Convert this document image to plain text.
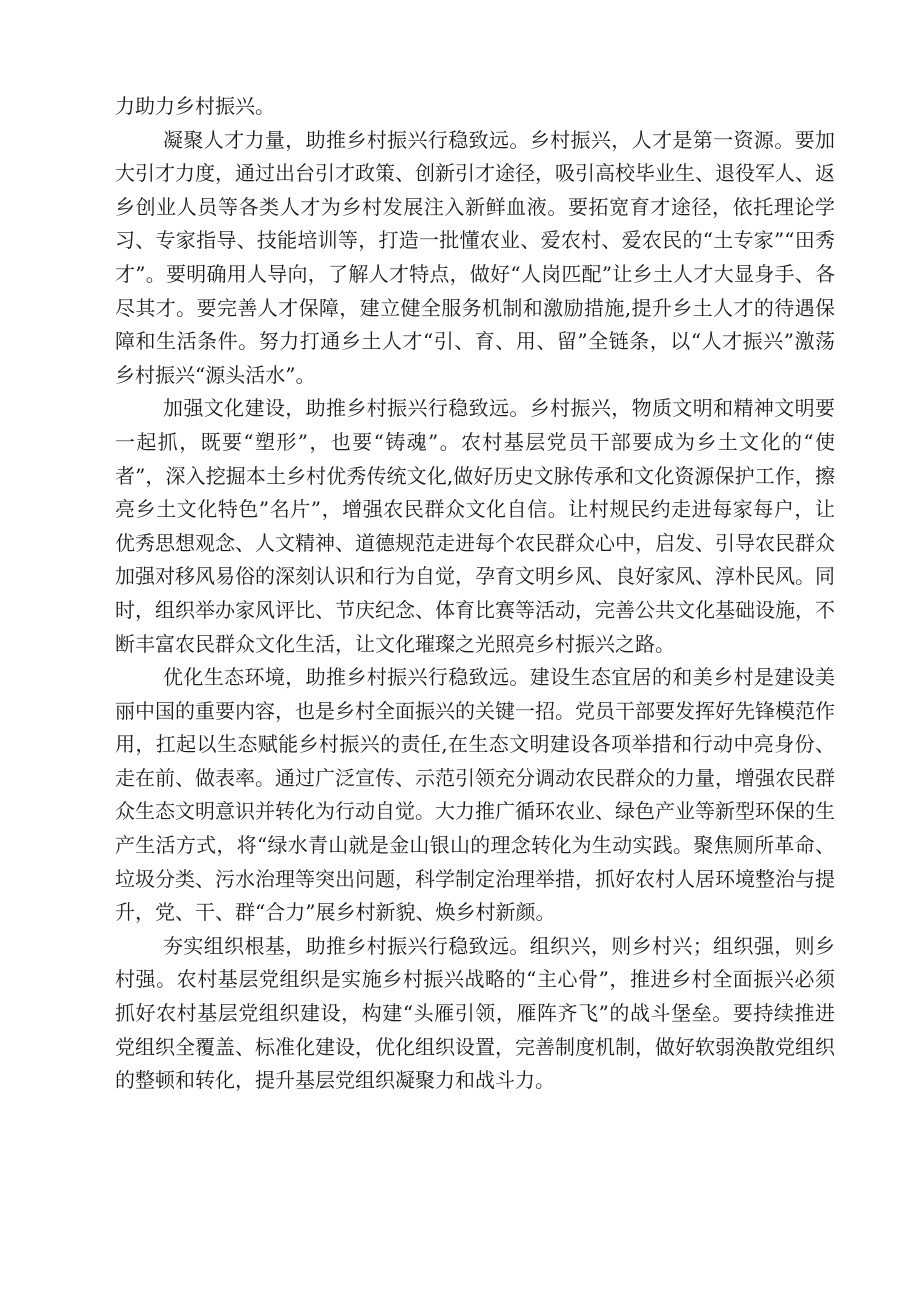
力助力乡村振兴。

凝聚人才力量，助推乡村振兴行稳致远。乡村振兴，人才是第一资源。要加大引才力度，通过出台引才政策、创新引才途径，吸引高校毕业生、退役军人、返乡创业人员等各类人才为乡村发展注入新鲜血液。要拓宽育才途径，依托理论学习、专家指导、技能培训等，打造一批懂农业、爱农村、爱农民的“土专家”“田秀才”。要明确用人导向，了解人才特点，做好“人岗匹配”让乡土人才大显身手、各尽其才。要完善人才保障，建立健全服务机制和激励措施,提升乡土人才的待遇保障和生活条件。努力打通乡土人才“引、育、用、留”全链条，以“人才振兴”激荡乡村振兴“源头活水”。

加强文化建设，助推乡村振兴行稳致远。乡村振兴，物质文明和精神文明要一起抓，既要“塑形”，也要“铸魂”。农村基层党员干部要成为乡土文化的“使者”，深入挖掘本土乡村优秀传统文化,做好历史文脉传承和文化资源保护工作，擦亮乡土文化特色”名片”，增强农民群众文化自信。让村规民约走进每家每户，让优秀思想观念、人文精神、道德规范走进每个农民群众心中，启发、引导农民群众加强对移风易俗的深刻认识和行为自觉，孕育文明乡风、良好家风、淳朴民风。同时，组织举办家风评比、节庆纪念、体育比赛等活动，完善公共文化基础设施，不断丰富农民群众文化生活，让文化璀璨之光照亮乡村振兴之路。

优化生态环境，助推乡村振兴行稳致远。建设生态宜居的和美乡村是建设美丽中国的重要内容，也是乡村全面振兴的关键一招。党员干部要发挥好先锋模范作用，扛起以生态赋能乡村振兴的责任,在生态文明建设各项举措和行动中亮身份、走在前、做表率。通过广泛宣传、示范引领充分调动农民群众的力量，增强农民群众生态文明意识并转化为行动自觉。大力推广循环农业、绿色产业等新型环保的生产生活方式，将“绿水青山就是金山银山的理念转化为生动实践。聚焦厕所革命、垃圾分类、污水治理等突出问题，科学制定治理举措，抓好农村人居环境整治与提升，党、干、群“合力”展乡村新貌、焕乡村新颜。

夯实组织根基，助推乡村振兴行稳致远。组织兴，则乡村兴；组织强，则乡村强。农村基层党组织是实施乡村振兴战略的“主心骨”，推进乡村全面振兴必须抓好农村基层党组织建设，构建“头雁引领，雁阵齐飞”的战斗堡垒。要持续推进党组织全覆盖、标准化建设，优化组织设置，完善制度机制，做好软弱涣散党组织的整顿和转化，提升基层党组织凝聚力和战斗力。
